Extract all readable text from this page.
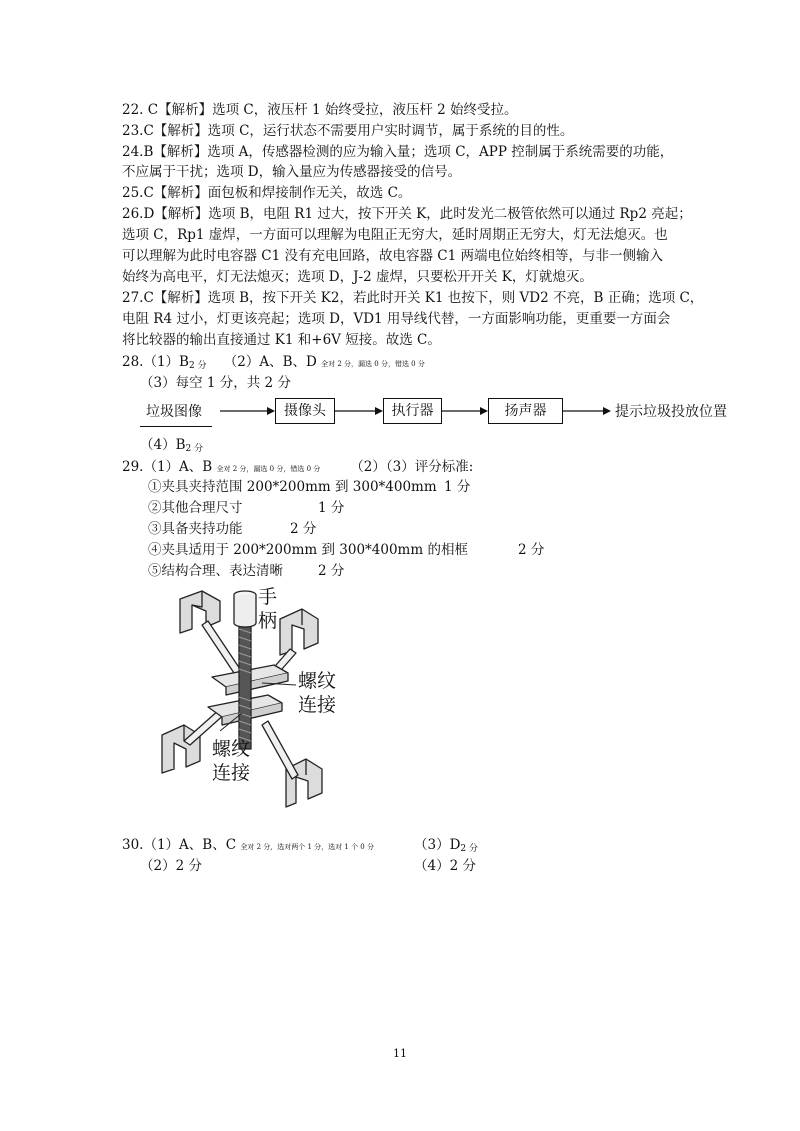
22. C【解析】选项 C，液压杆 1 始终受拉，液压杆 2 始终受拉。
23.C【解析】选项 C，运行状态不需要用户实时调节，属于系统的目的性。
24.B【解析】选项 A，传感器检测的应为输入量；选项 C，APP 控制属于系统需要的功能，
不应属于干扰；选项 D，输入量应为传感器接受的信号。
25.C【解析】面包板和焊接制作无关，故选 C。
26.D【解析】选项 B，电阻 R1 过大，按下开关 K，此时发光二极管依然可以通过 Rp2 亮起；
选项 C，Rp1 虚焊，一方面可以理解为电阻正无穷大，延时周期正无穷大，灯无法熄灭。也
可以理解为此时电容器 C1 没有充电回路，故电容器 C1 两端电位始终相等，与非一侧输入
始终为高电平，灯无法熄灭；选项 D，J-2 虚焊，只要松开开关 K，灯就熄灭。
27.C【解析】选项 B，按下开关 K2，若此时开关 K1 也按下，则 VD2 不亮，B 正确；选项 C，
电阻 R4 过小，灯更该亮起；选项 D，VD1 用导线代替，一方面影响功能，更重要一方面会
将比较器的输出直接通过 K1 和+6V 短接。故选 C。
28.（1）B2 分 （2）A、B、D 全对 2 分，漏选 0 分，错选 0 分
（3）每空 1 分，共 2 分
垃圾图像	摄像头	执行器	扬声器	提示垃圾投放位置
（4）B2 分
29.（1）A、B 全对 2 分，漏选 0 分，错选 0 分 （2）（3）评分标准:
①夹具夹持范围 200*200mm 到 300*400mm 1 分
②其他合理尺寸	1 分
③具备夹持功能	2 分
④夹具适用于 200*200mm 到 300*400mm 的相框	2 分
⑤结构合理、表达清晰	2 分
手柄
螺纹连接
螺纹连接
30.（1）A、B、C 全对 2 分，选对两个 1 分，选对 1 个 0 分	（3）D2 分
（2）2 分	（4）2 分
11
